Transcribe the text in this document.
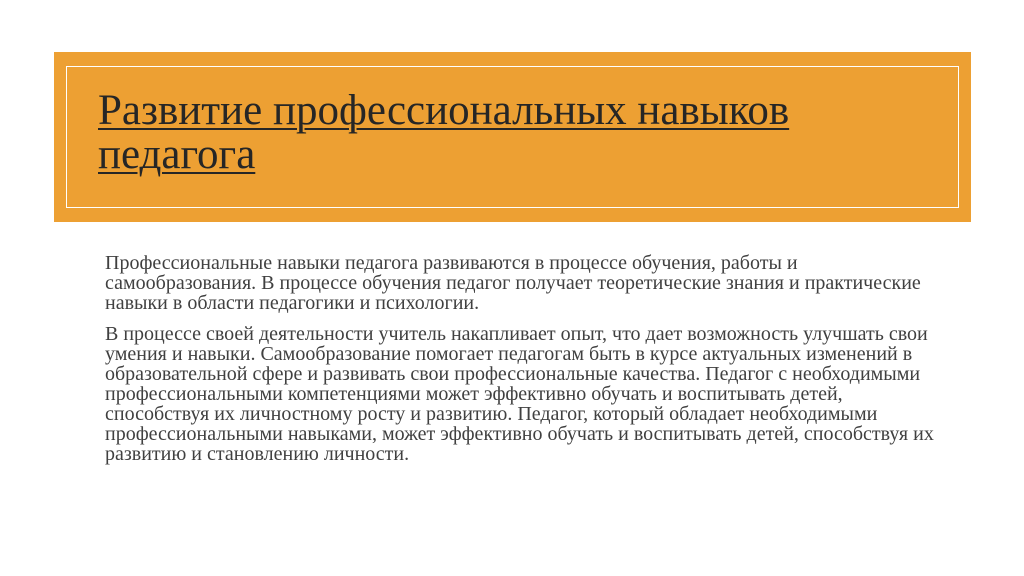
Развитие профессиональных навыков педагога

Профессиональные навыки педагога развиваются в процессе обучения, работы и самообразования. В процессе обучения педагог получает теоретические знания и практические навыки в области педагогики и психологии.

В процессе своей деятельности учитель накапливает опыт, что дает возможность улучшать свои умения и навыки. Самообразование помогает педагогам быть в курсе актуальных изменений в образовательной сфере и развивать свои профессиональные качества. Педагог с необходимыми профессиональными компетенциями может эффективно обучать и воспитывать детей, способствуя их личностному росту и развитию. Педагог, который обладает необходимыми профессиональными навыками, может эффективно обучать и воспитывать детей, способствуя их развитию и становлению личности.
